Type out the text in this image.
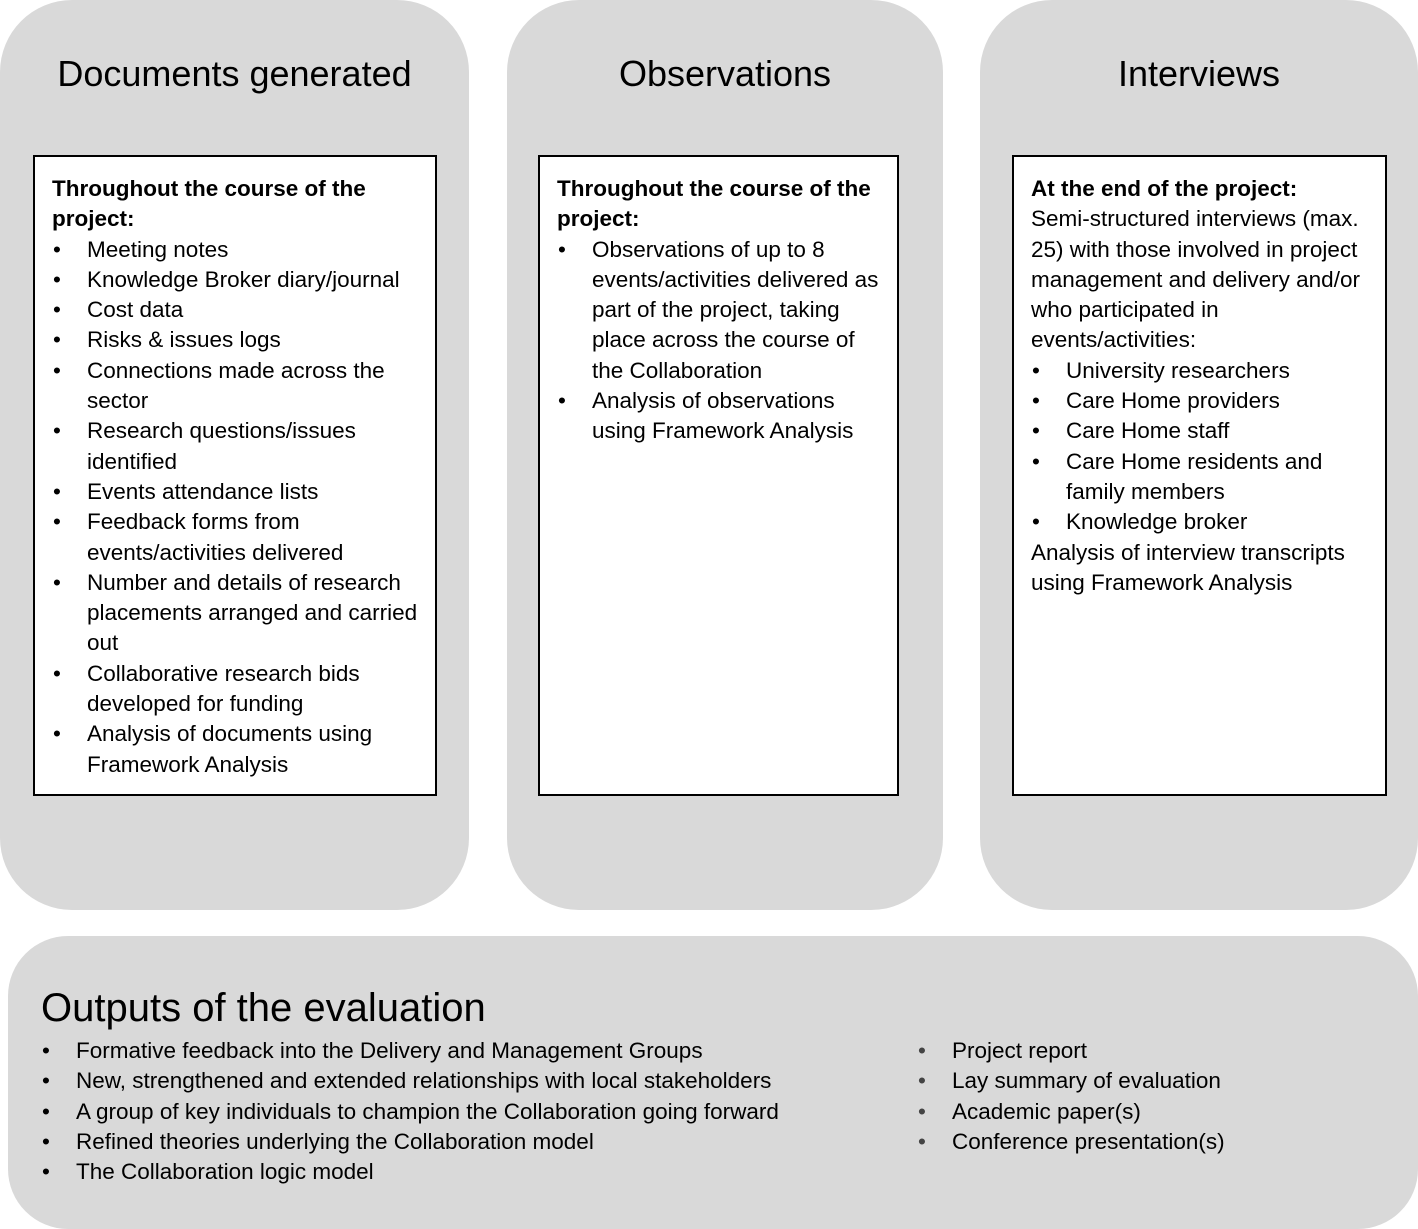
Documents generated
Throughout the course of the project:
• Meeting notes
• Knowledge Broker diary/journal
• Cost data
• Risks & issues logs
• Connections made across the sector
• Research questions/issues identified
• Events attendance lists
• Feedback forms from events/activities delivered
• Number and details of research placements arranged and carried out
• Collaborative research bids developed for funding
• Analysis of documents using Framework Analysis
Observations
Throughout the course of the project:
• Observations of up to 8 events/activities delivered as part of the project, taking place across the course of the Collaboration
• Analysis of observations using Framework Analysis
Interviews
At the end of the project:

Semi-structured interviews (max. 25) with those involved in project management and delivery and/or who participated in events/activities:

• University researchers
• Care Home providers
• Care Home staff
• Care Home residents and family members
• Knowledge broker

Analysis of interview transcripts using Framework Analysis

Outputs of the evaluation
• Formative feedback into the Delivery and Management Groups
• New, strengthened and extended relationships with local stakeholders
• A group of key individuals to champion the Collaboration going forward
• Refined theories underlying the Collaboration model
• The Collaboration logic model
• Project report
• Lay summary of evaluation
• Academic paper(s)
• Conference presentation(s)
